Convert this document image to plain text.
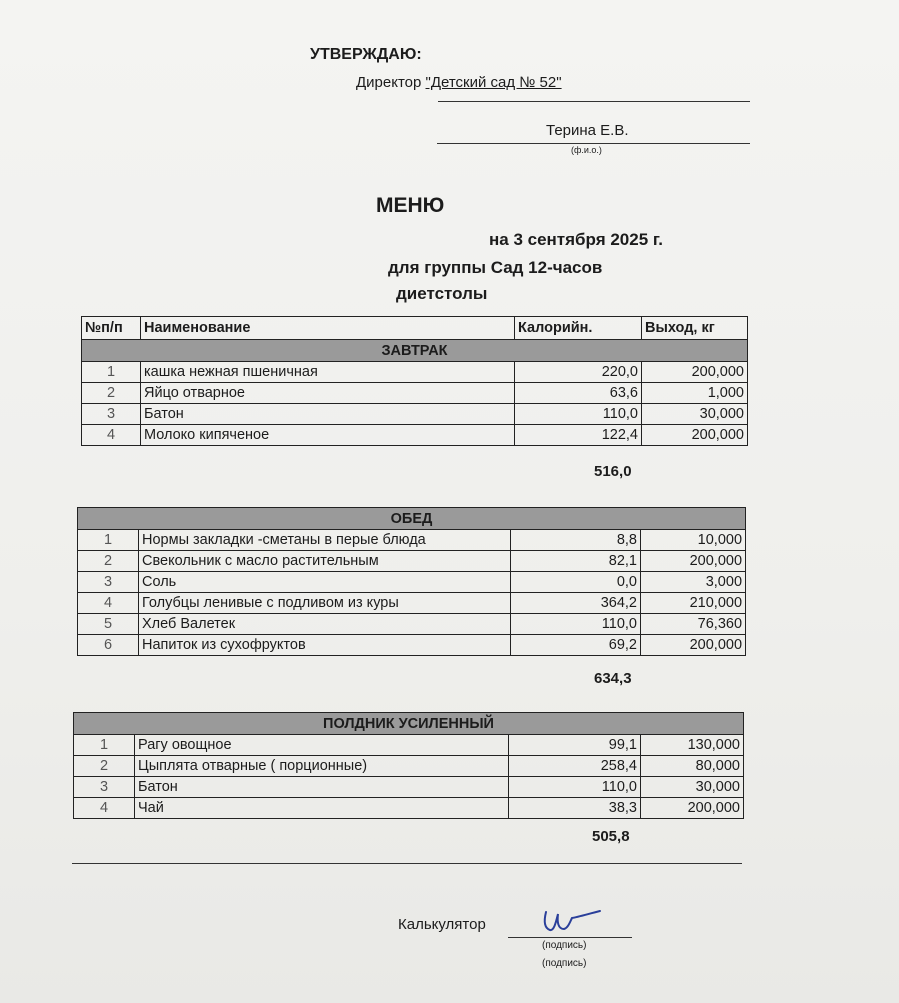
УТВЕРЖДАЮ:
Директор "Детский сад № 52"
Терина Е.В.
(ф.и.о.)
МЕНЮ
на 3 сентября 2025 г.
для группы Сад 12-часов
диетстолы
№п/п	Наименование	Калорийн.	Выход, кг
ЗАВТРАК			
1	кашка нежная пшеничная	220,0	200,000
2	Яйцо отварное	63,6	1,000
3	Батон	110,0	30,000
4	Молоко кипяченое	122,4	200,000
516,0
ОБЕД			
1	Нормы закладки -сметаны в перые блюда	8,8	10,000
2	Свекольник с масло растительным	82,1	200,000
3	Соль	0,0	3,000
4	Голубцы ленивые с подливом из куры	364,2	210,000
5	Хлеб Валетек	110,0	76,360
6	Напиток из сухофруктов	69,2	200,000
634,3
ПОЛДНИК УСИЛЕННЫЙ			
1	Рагу овощное	99,1	130,000
2	Цыплята отварные ( порционные)	258,4	80,000
3	Батон	110,0	30,000
4	Чай	38,3	200,000
505,8
Калькулятор
(подпись)
(подпись)
